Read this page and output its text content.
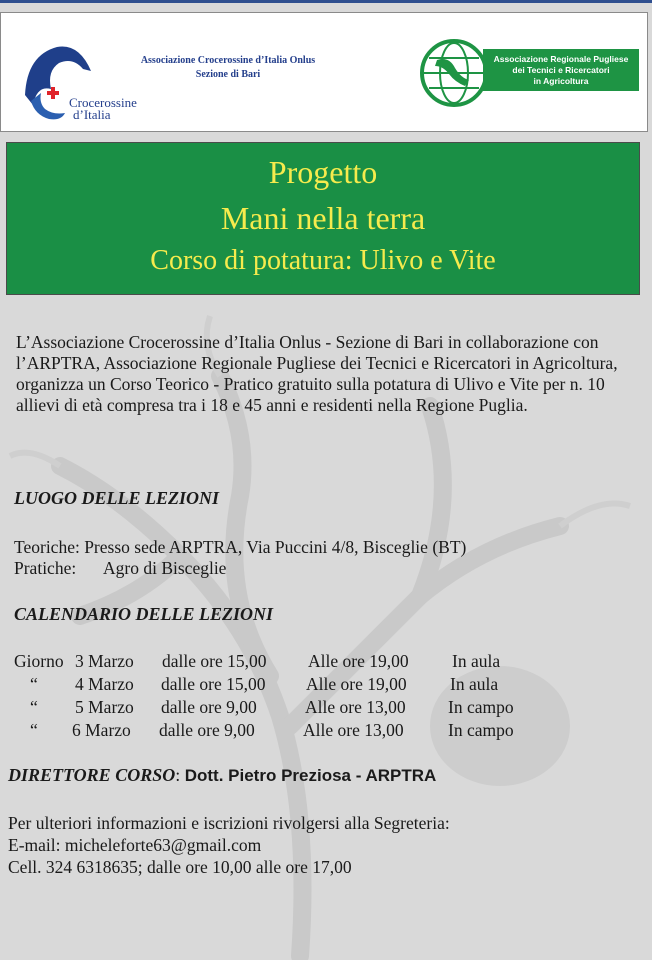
Crocerossine
d’Italia
Associazione Crocerossine d’Italia Onlus
Sezione di Bari
Associazione Regionale Pugliese
dei Tecnici e Ricercatori
in Agricoltura
Progetto
Mani nella terra
Corso di potatura: Ulivo e Vite
L’Associazione Crocerossine d’Italia Onlus - Sezione di Bari in collaborazione con l’ARPTRA, Associazione Regionale Pugliese dei Tecnici e Ricercatori in Agricoltura, organizza un Corso Teorico - Pratico gratuito sulla potatura di Ulivo e Vite per n. 10 allievi di età compresa tra i 18 e 45 anni e residenti nella Regione Puglia.
LUOGO DELLE LEZIONI
Teoriche: Presso sede ARPTRA, Via Puccini 4/8, Bisceglie (BT)
Pratiche: Agro di Bisceglie
CALENDARIO DELLE LEZIONI
Giorno 3 Marzo dalle ore 15,00 Alle ore 19,00 In aula
“ 4 Marzo dalle ore 15,00 Alle ore 19,00 In aula
“ 5 Marzo dalle ore 9,00	Alle ore 13,00 In campo
“ 6 Marzo dalle ore 9,00	Alle ore 13,00	In campo
DIRETTORE CORSO: Dott. Pietro Preziosa - ARPTRA
Per ulteriori informazioni e iscrizioni rivolgersi alla Segreteria:
E-mail: micheleforte63@gmail.com
Cell. 324 6318635; dalle ore 10,00 alle ore 17,00
